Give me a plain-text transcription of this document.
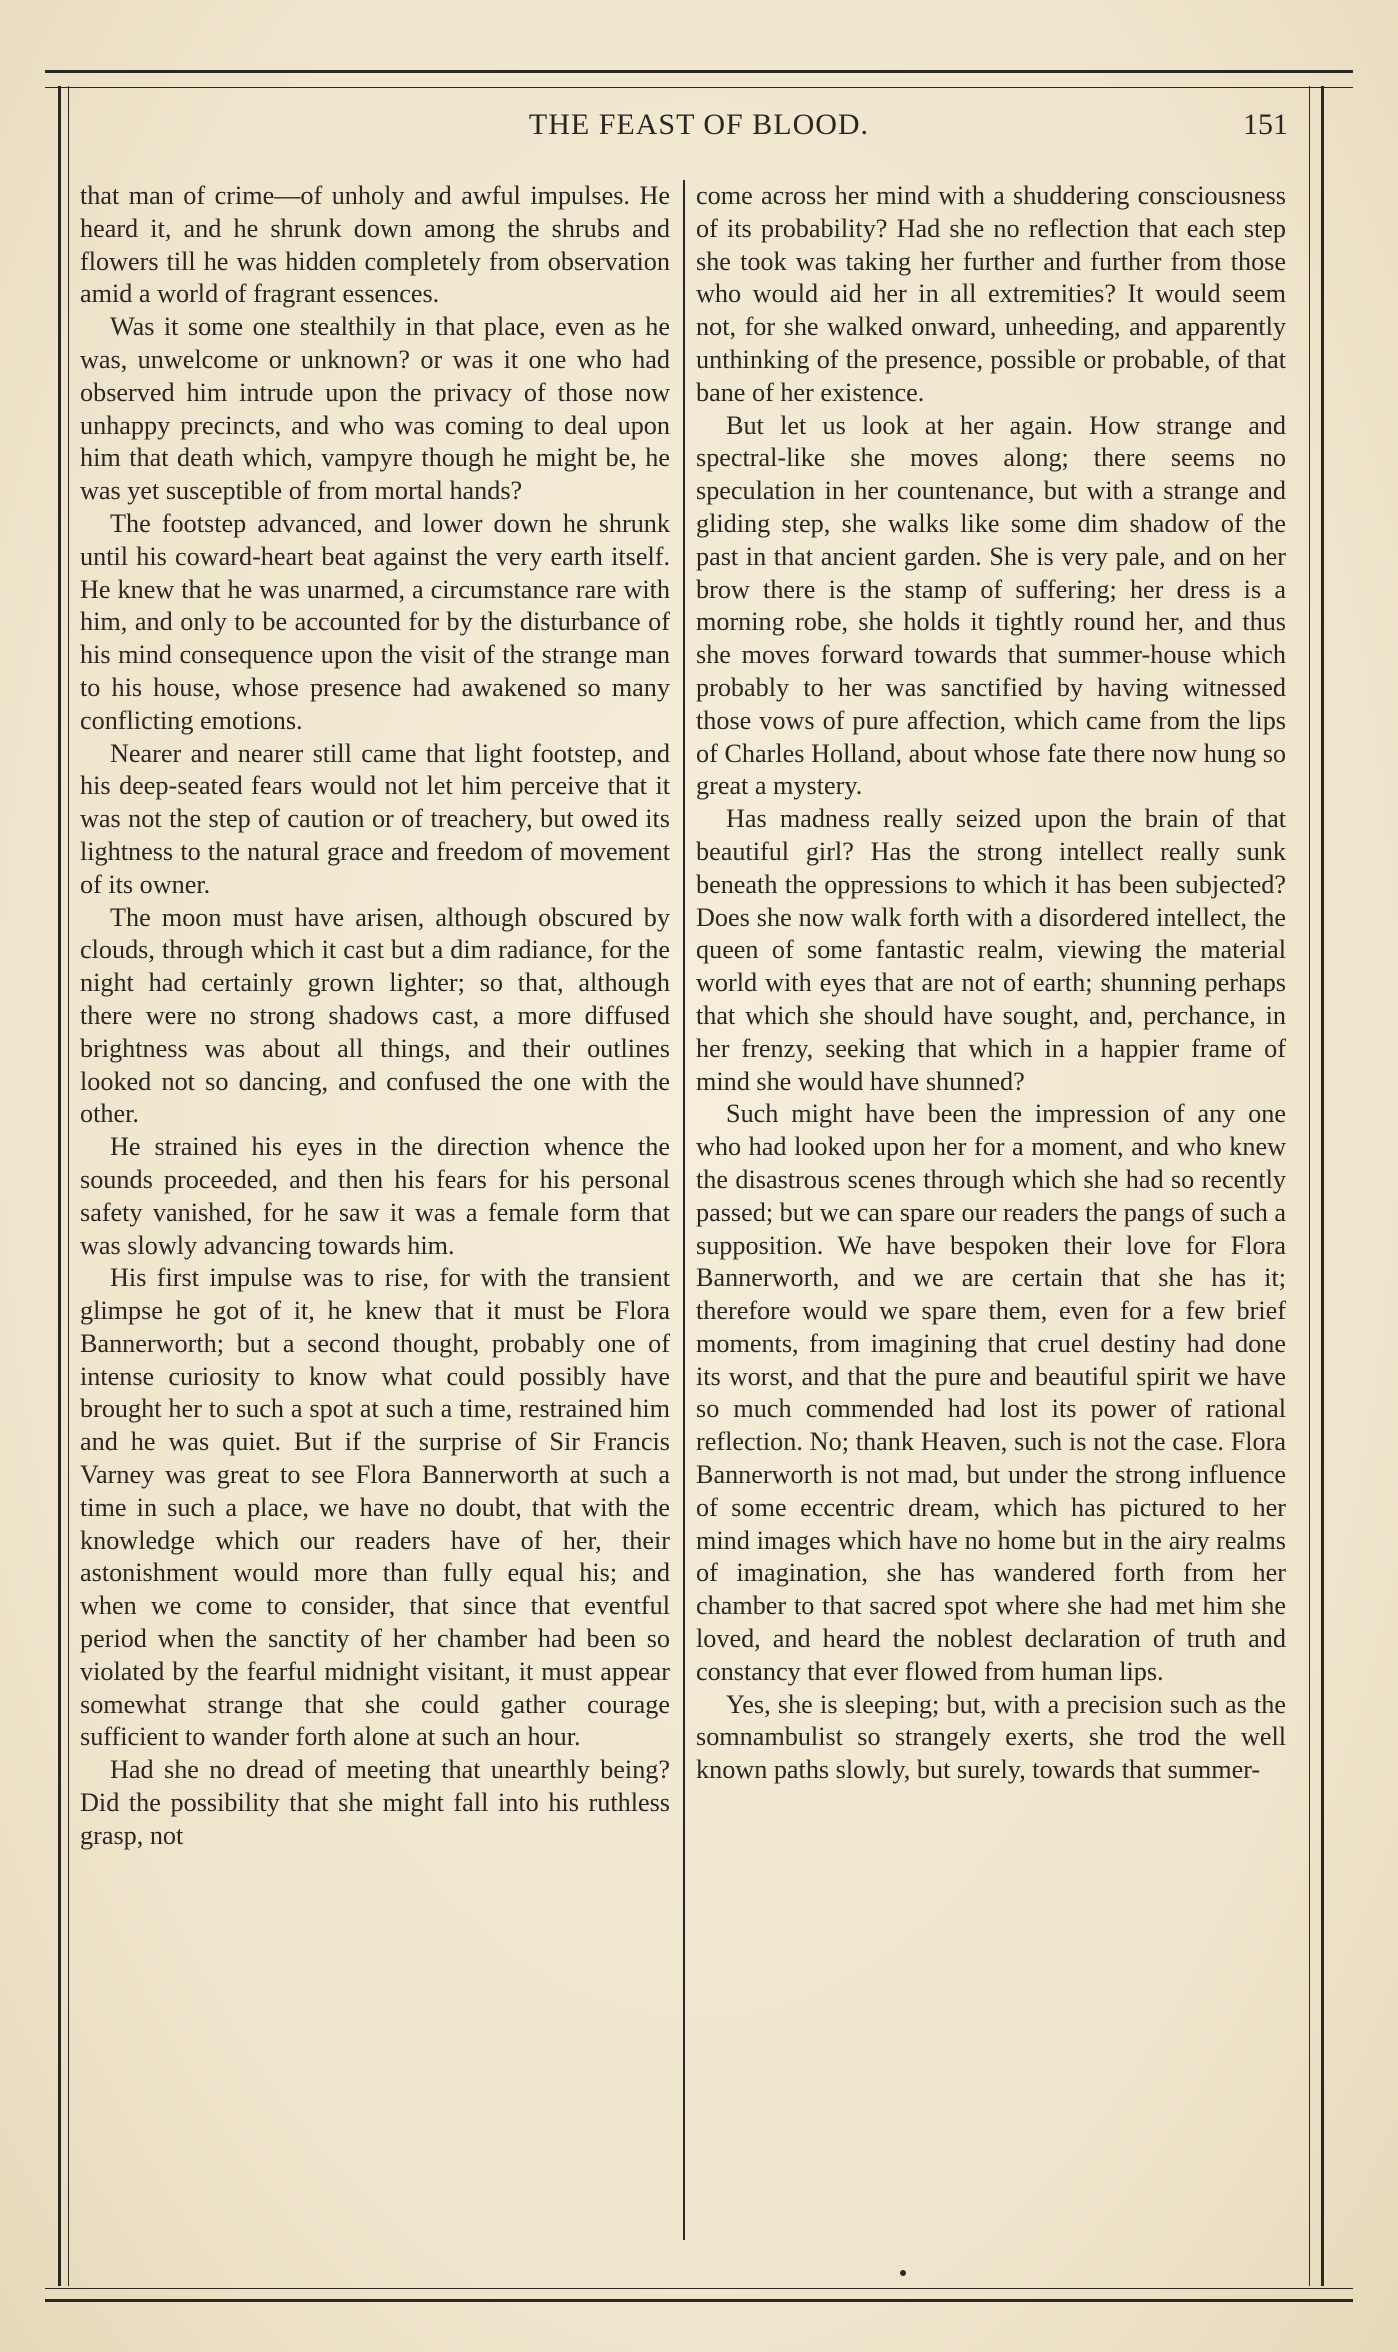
THE FEAST OF BLOOD.	151

that man of crime—of unholy and awful impulses. He heard it, and he shrunk down among the shrubs and flowers till he was hidden completely from observation amid a world of fragrant essences.

Was it some one stealthily in that place, even as he was, unwelcome or unknown? or was it one who had observed him intrude upon the privacy of those now unhappy precincts, and who was coming to deal upon him that death which, vampyre though he might be, he was yet susceptible of from mortal hands?

The footstep advanced, and lower down he shrunk until his coward-heart beat against the very earth itself. He knew that he was unarmed, a circumstance rare with him, and only to be accounted for by the disturbance of his mind consequence upon the visit of the strange man to his house, whose presence had awakened so many conflicting emotions.

Nearer and nearer still came that light footstep, and his deep-seated fears would not let him perceive that it was not the step of caution or of treachery, but owed its lightness to the natural grace and freedom of movement of its owner.

The moon must have arisen, although obscured by clouds, through which it cast but a dim radiance, for the night had certainly grown lighter; so that, although there were no strong shadows cast, a more diffused brightness was about all things, and their outlines looked not so dancing, and confused the one with the other.

He strained his eyes in the direction whence the sounds proceeded, and then his fears for his personal safety vanished, for he saw it was a female form that was slowly advancing towards him.

His first impulse was to rise, for with the transient glimpse he got of it, he knew that it must be Flora Bannerworth; but a second thought, probably one of intense curiosity to know what could possibly have brought her to such a spot at such a time, restrained him and he was quiet. But if the surprise of Sir Francis Varney was great to see Flora Bannerworth at such a time in such a place, we have no doubt, that with the knowledge which our readers have of her, their astonishment would more than fully equal his; and when we come to consider, that since that eventful period when the sanctity of her chamber had been so violated by the fearful midnight visitant, it must appear somewhat strange that she could gather courage sufficient to wander forth alone at such an hour.

Had she no dread of meeting that unearthly being? Did the possibility that she might fall into his ruthless grasp, not

come across her mind with a shuddering consciousness of its probability? Had she no reflection that each step she took was taking her further and further from those who would aid her in all extremities? It would seem not, for she walked onward, unheeding, and apparently unthinking of the presence, possible or probable, of that bane of her existence.

But let us look at her again. How strange and spectral-like she moves along; there seems no speculation in her countenance, but with a strange and gliding step, she walks like some dim shadow of the past in that ancient garden. She is very pale, and on her brow there is the stamp of suffering; her dress is a morning robe, she holds it tightly round her, and thus she moves forward towards that summer-house which probably to her was sanctified by having witnessed those vows of pure affection, which came from the lips of Charles Holland, about whose fate there now hung so great a mystery.

Has madness really seized upon the brain of that beautiful girl? Has the strong intellect really sunk beneath the oppressions to which it has been subjected? Does she now walk forth with a disordered intellect, the queen of some fantastic realm, viewing the material world with eyes that are not of earth; shunning perhaps that which she should have sought, and, perchance, in her frenzy, seeking that which in a happier frame of mind she would have shunned?

Such might have been the impression of any one who had looked upon her for a moment, and who knew the disastrous scenes through which she had so recently passed; but we can spare our readers the pangs of such a supposition. We have bespoken their love for Flora Bannerworth, and we are certain that she has it; therefore would we spare them, even for a few brief moments, from imagining that cruel destiny had done its worst, and that the pure and beautiful spirit we have so much commended had lost its power of rational reflection. No; thank Heaven, such is not the case. Flora Bannerworth is not mad, but under the strong influence of some eccentric dream, which has pictured to her mind images which have no home but in the airy realms of imagination, she has wandered forth from her chamber to that sacred spot where she had met him she loved, and heard the noblest declaration of truth and constancy that ever flowed from human lips.

Yes, she is sleeping; but, with a precision such as the somnambulist so strangely exerts, she trod the well known paths slowly, but surely, towards that summer-
